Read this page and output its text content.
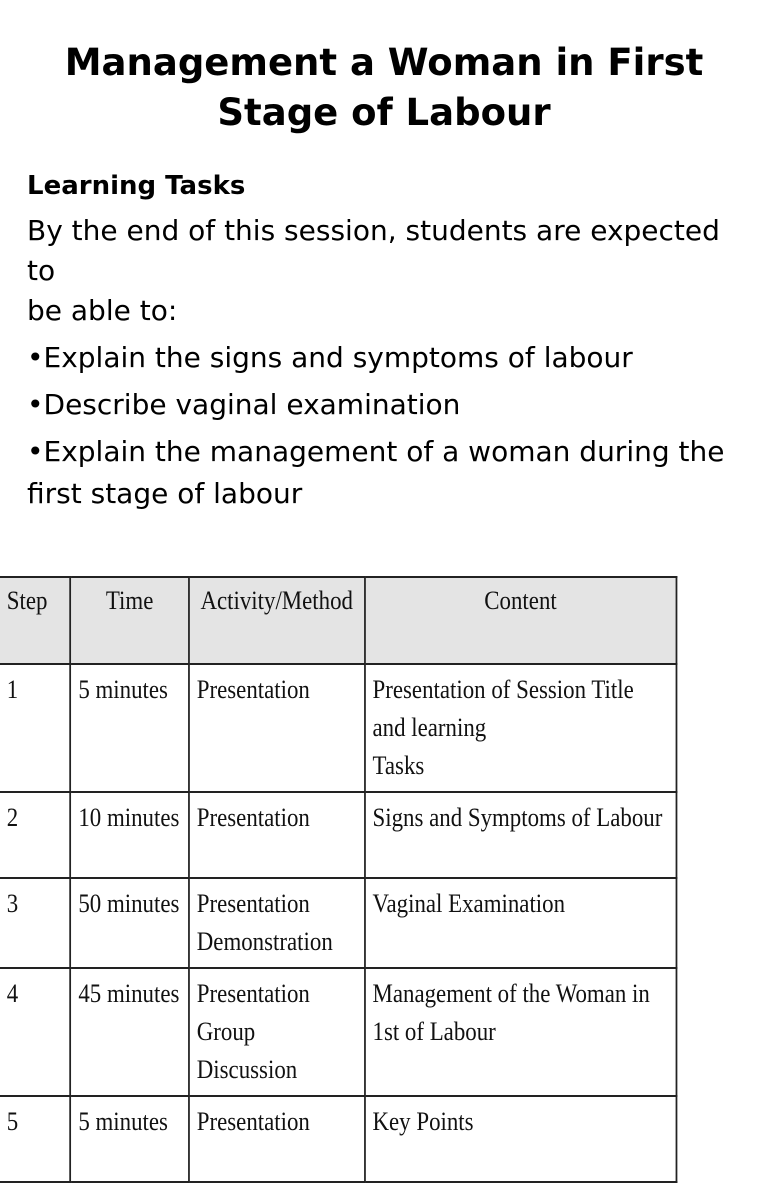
Management a Woman in First
Stage of Labour

Learning Tasks

By the end of this session, students are expected to
be able to:

•Explain the signs and symptoms of labour

•Describe vaginal examination

•Explain the management of a woman during the
first stage of labour

Step	Time	Activity/Method	Content
1	5 minutes	Presentation	Presentation of Session Title and learning
Tasks

2	10 minutes	Presentation	Signs and Symptoms of Labour

3	50 minutes	Presentation
Demonstration	Vaginal Examination

4	45 minutes	Presentation
Group Discussion	Management of the Woman in 1st of Labour

5	5 minutes	Presentation	Key Points
